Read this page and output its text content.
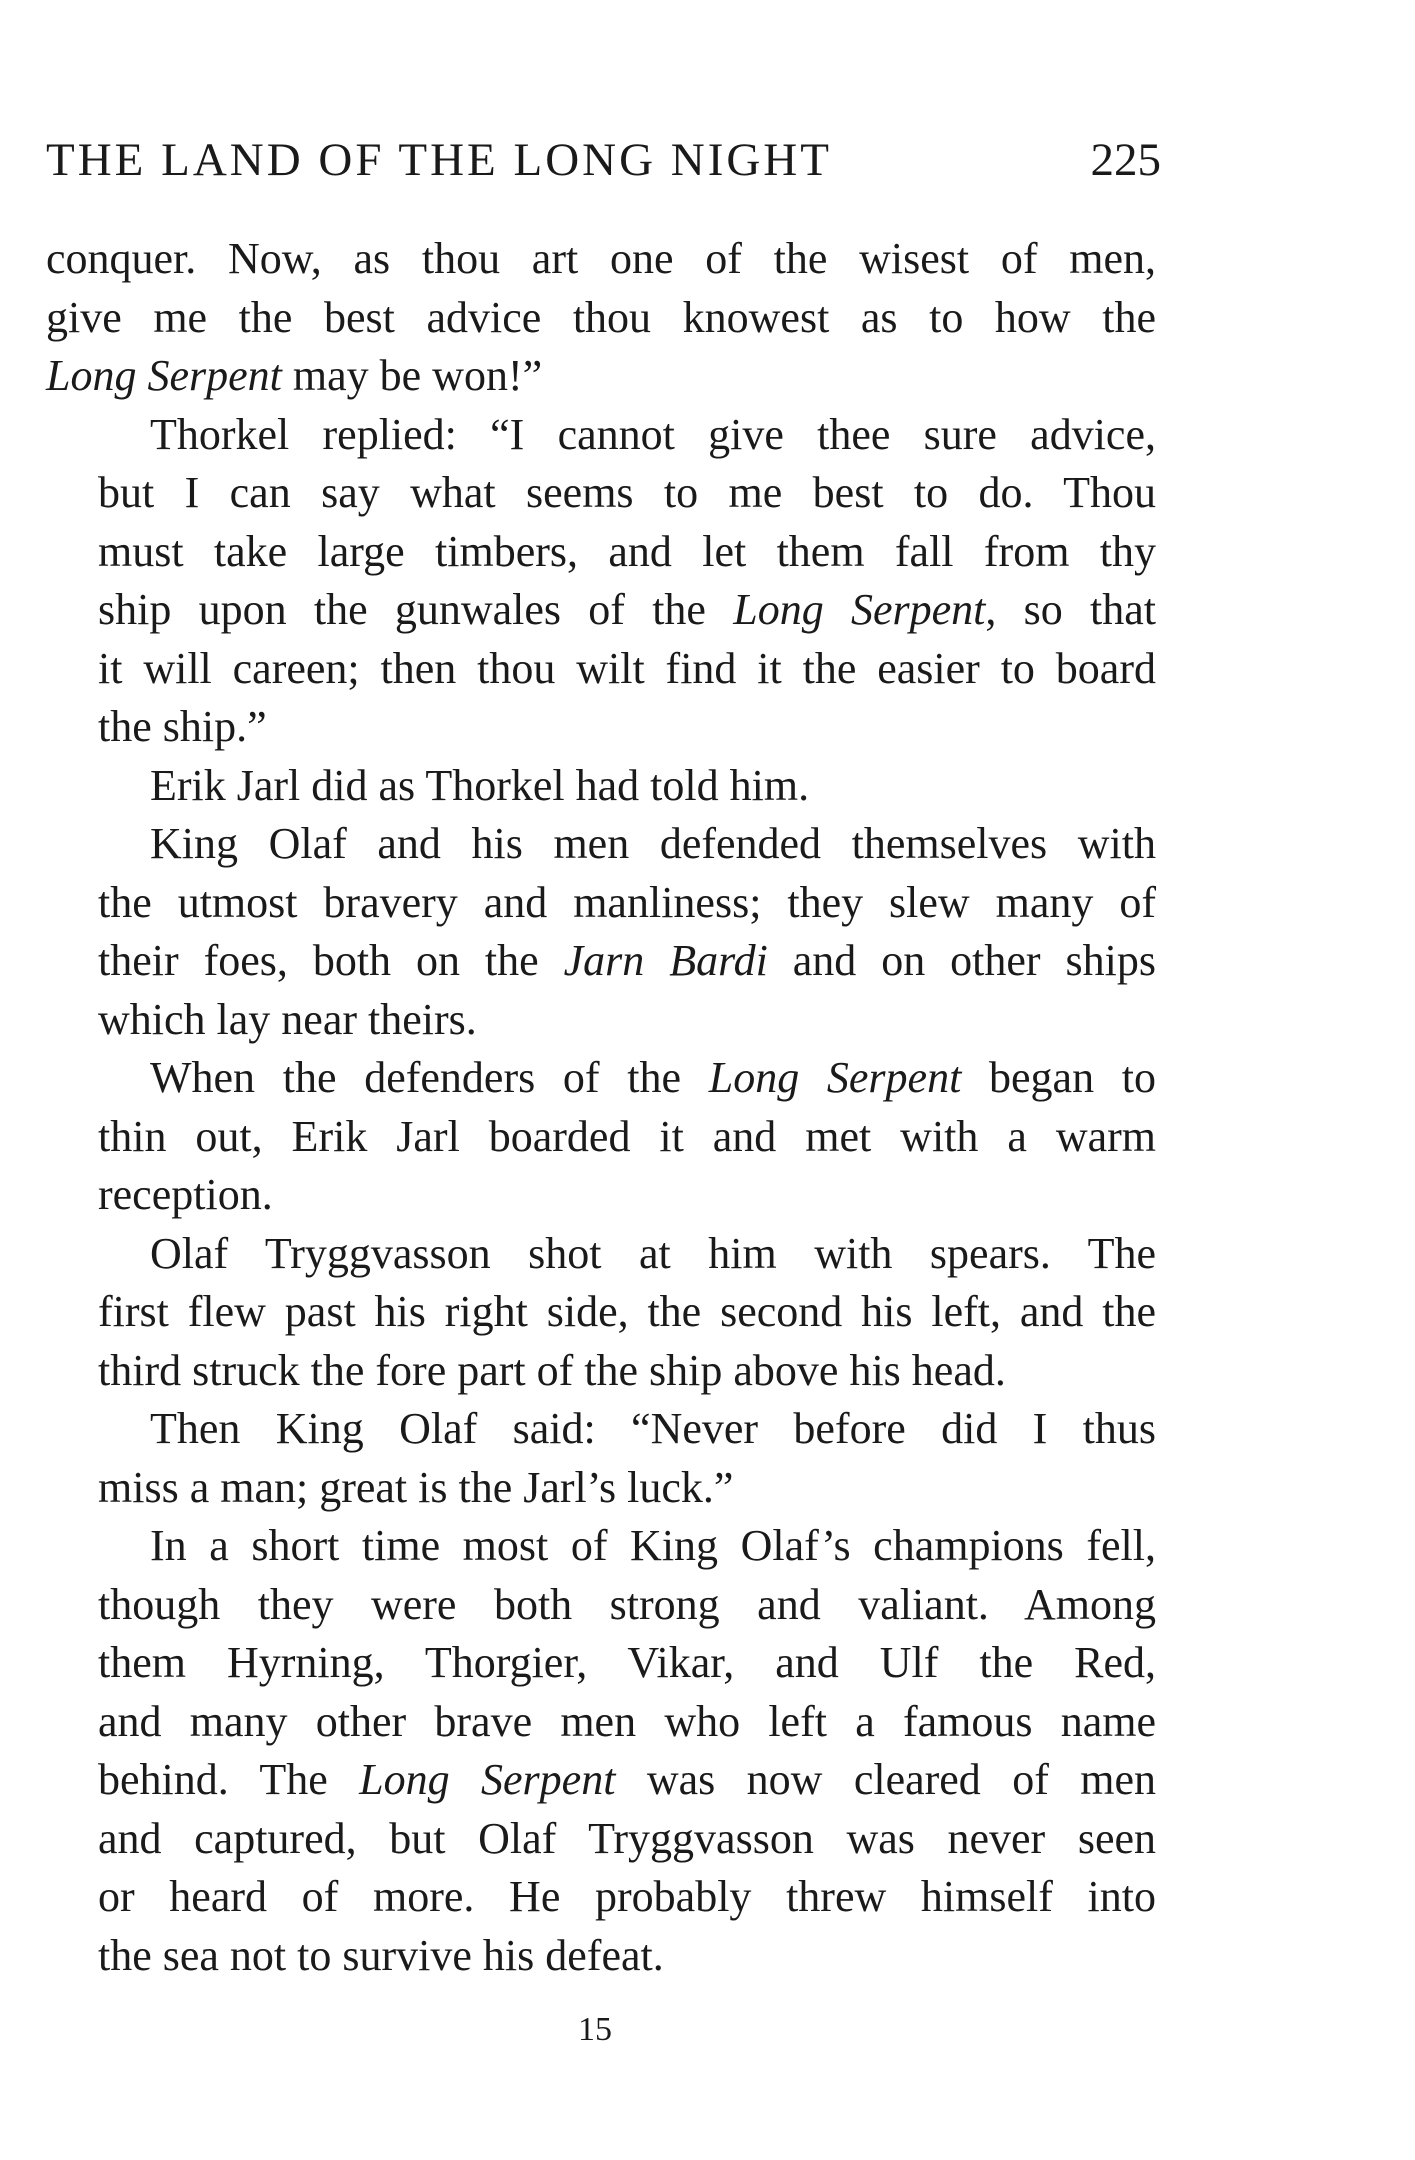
THE LAND OF THE LONG NIGHT	225
conquer. Now, as thou art one of the wisest of men,
give me the best advice thou knowest as to how the
Long Serpent may be won!”
Thorkel replied: “I cannot give thee sure advice,
but I can say what seems to me best to do. Thou
must take large timbers, and let them fall from thy
ship upon the gunwales of the Long Serpent, so that
it will careen; then thou wilt find it the easier to board
the ship.”
Erik Jarl did as Thorkel had told him.
King Olaf and his men defended themselves with
the utmost bravery and manliness; they slew many of
their foes, both on the Jarn Bardi and on other ships
which lay near theirs.
When the defenders of the Long Serpent began to
thin out, Erik Jarl boarded it and met with a warm
reception.
Olaf Tryggvasson shot at him with spears. The
first flew past his right side, the second his left, and the
third struck the fore part of the ship above his head.
Then King Olaf said: “Never before did I thus
miss a man; great is the Jarl’s luck.”
In a short time most of King Olaf’s champions fell,
though they were both strong and valiant. Among
them Hyrning, Thorgier, Vikar, and Ulf the Red,
and many other brave men who left a famous name
behind. The Long Serpent was now cleared of men
and captured, but Olaf Tryggvasson was never seen
or heard of more. He probably threw himself into
the sea not to survive his defeat.
15
